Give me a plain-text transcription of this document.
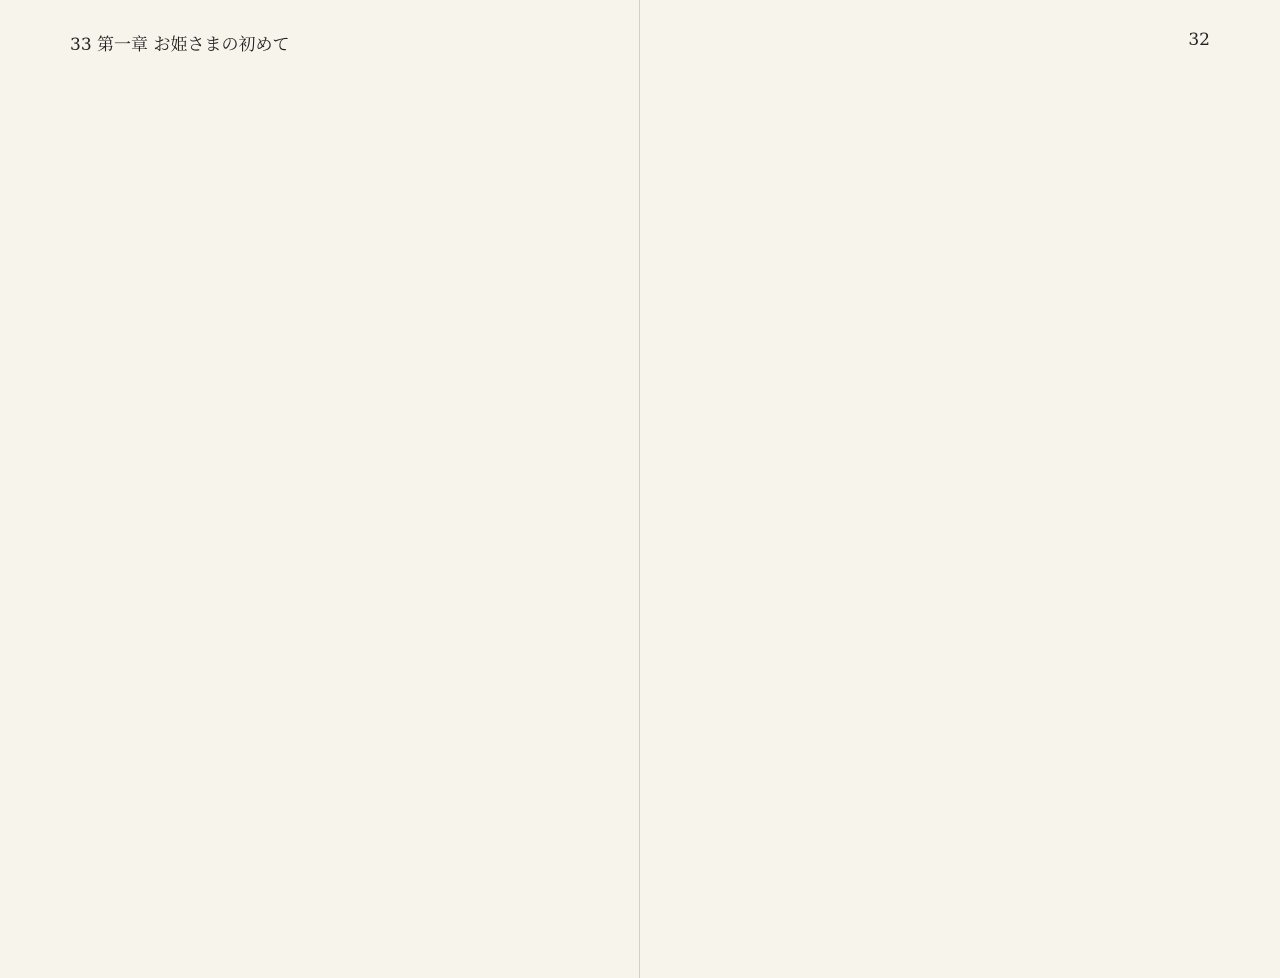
33 第一章 お姫さまの初めて	32
